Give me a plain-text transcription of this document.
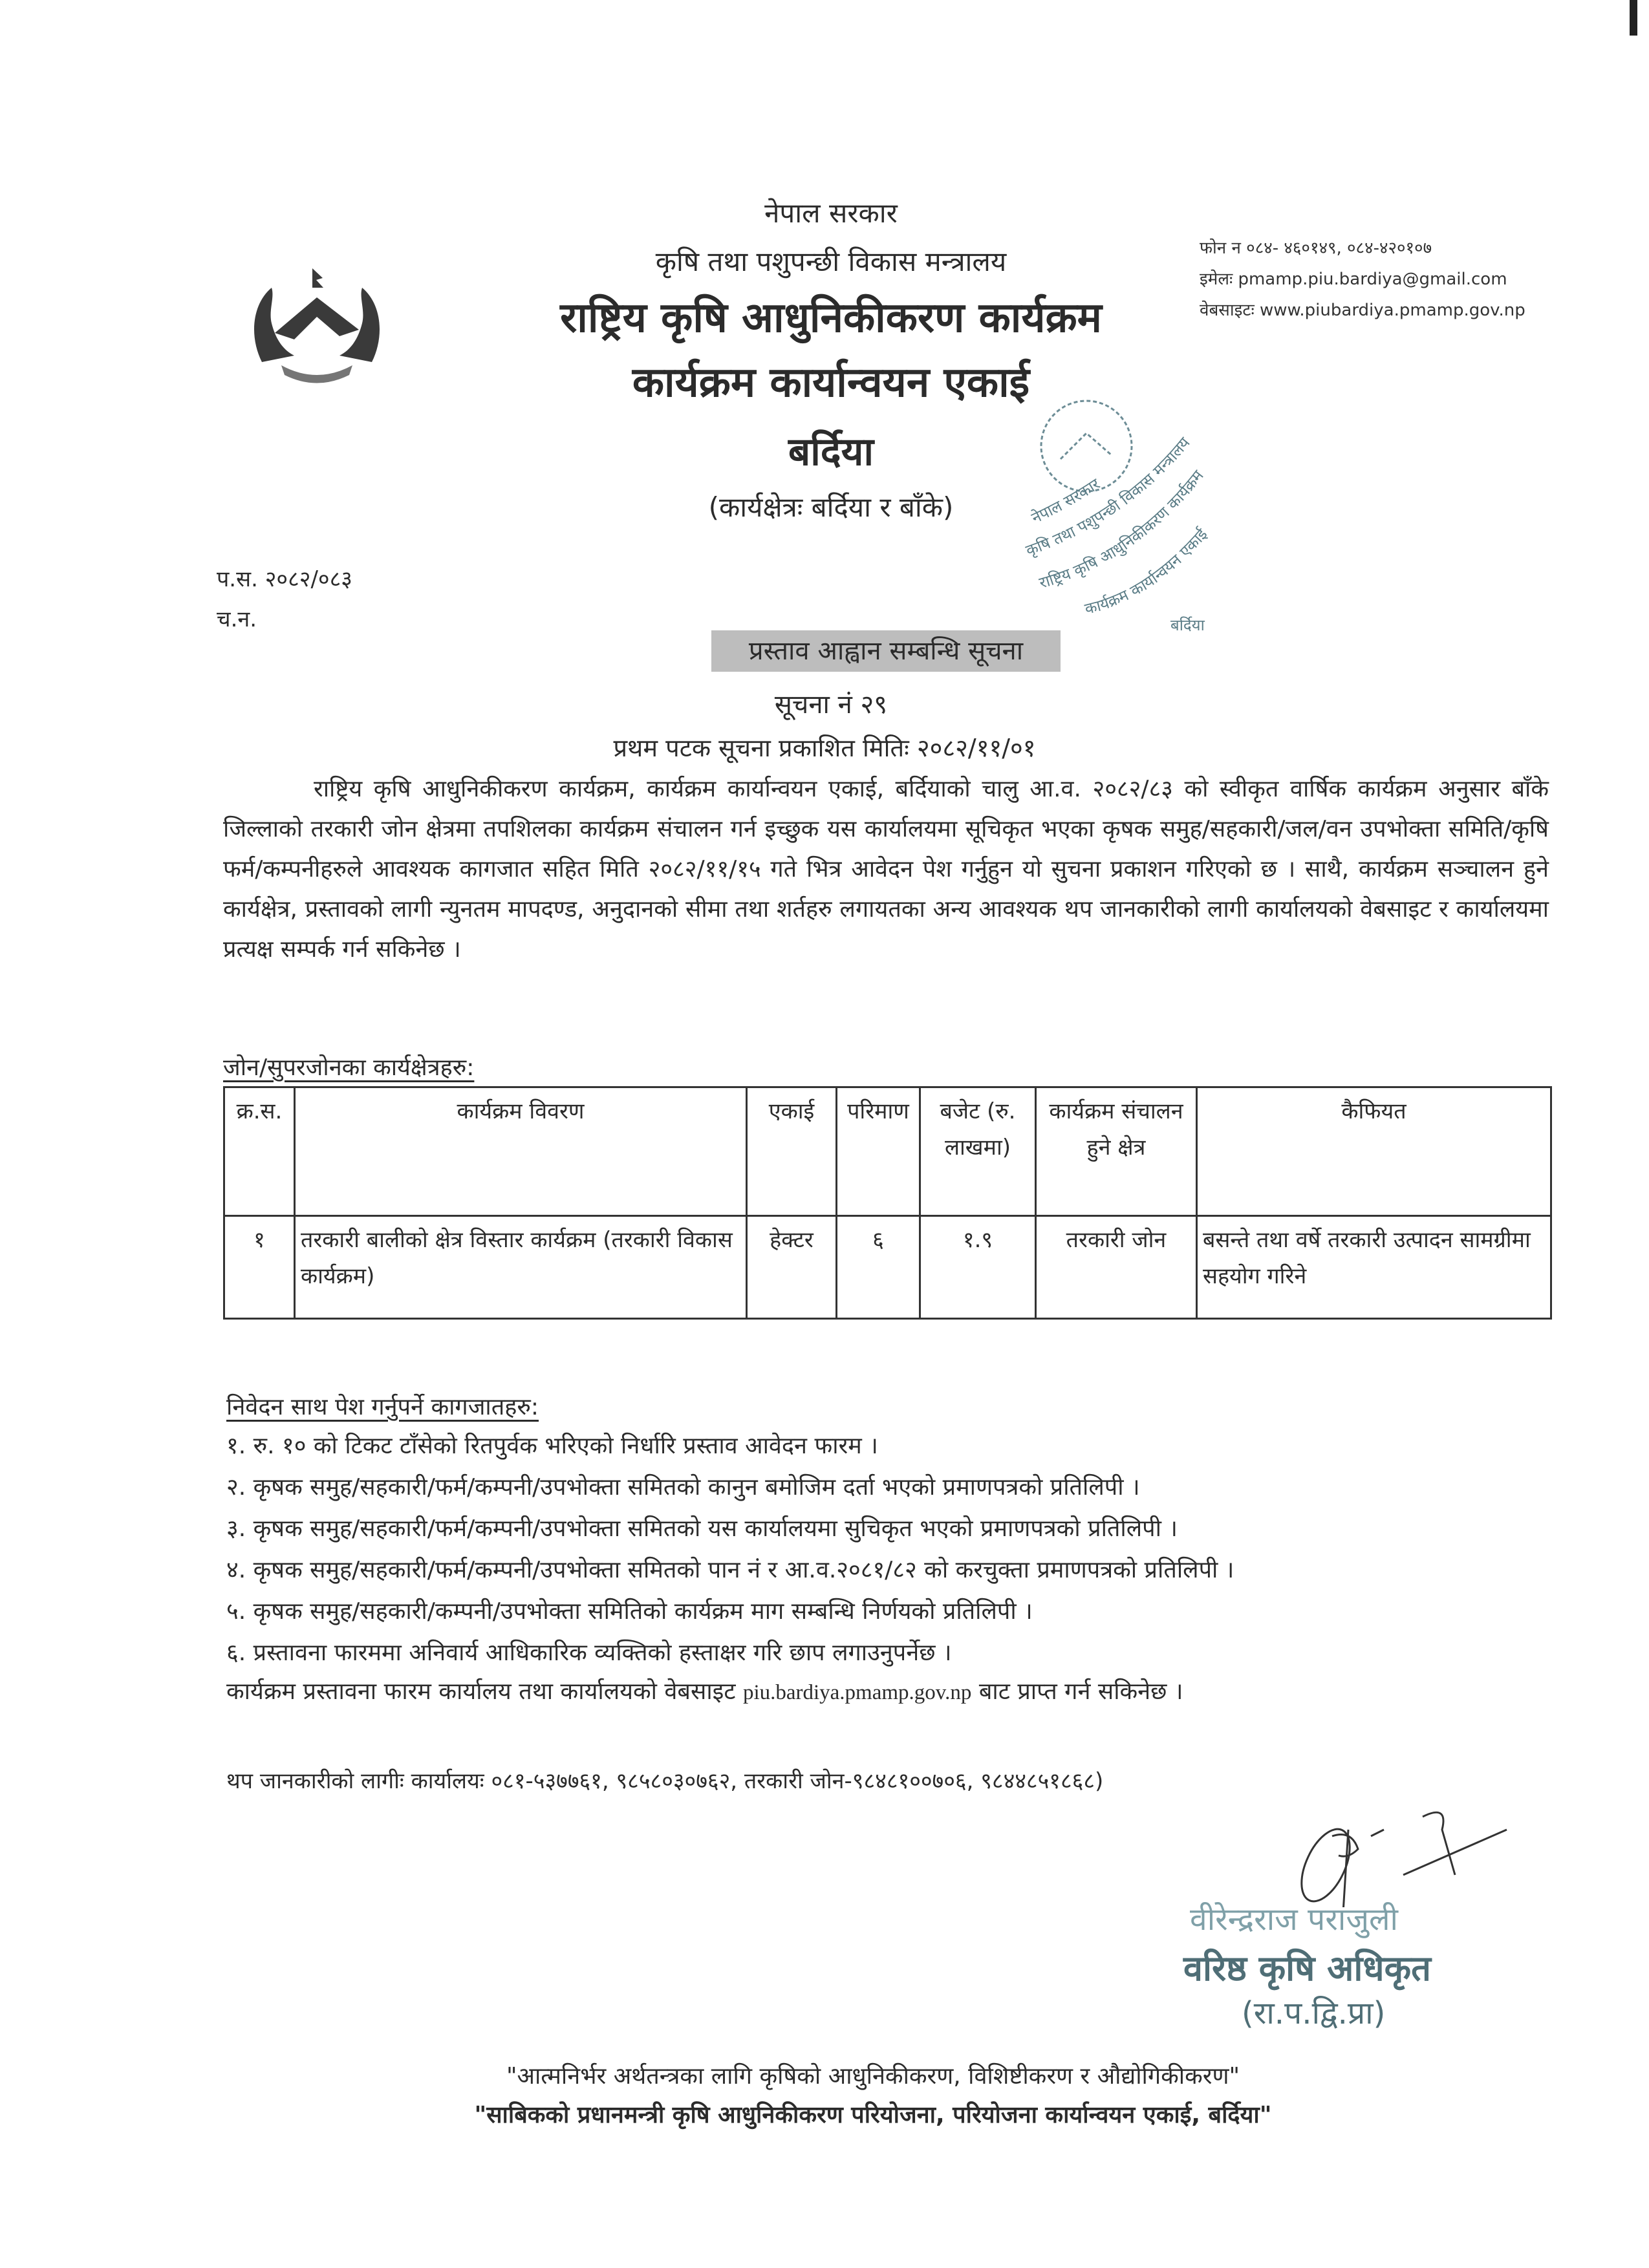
नेपाल सरकार
कृषि तथा पशुपन्छी विकास मन्त्रालय
राष्ट्रिय कृषि आधुनिकीकरण कार्यक्रम
कार्यक्रम कार्यान्वयन एकाई
बर्दिया
(कार्यक्षेत्रः बर्दिया र बाँके)
फोन न ०८४- ४६०१४९, ०८४-४२०१०७
इमेलः pmamp.piu.bardiya@gmail.com
वेबसाइटः www.piubardiya.pmamp.gov.np
प.स. २०८२/०८३
च.न.
नेपाल सरकार
कृषि तथा पशुपन्छी विकास मन्त्रालय
राष्ट्रिय कृषि आधुनिकीकरण कार्यक्रम
कार्यक्रम कार्यान्वयन एकाई
बर्दिया
प्रस्ताव आह्वान सम्बन्धि सूचना
सूचना नं २९
प्रथम पटक सूचना प्रकाशित मितिः २०८२/११/०१
राष्ट्रिय कृषि आधुनिकीकरण कार्यक्रम, कार्यक्रम कार्यान्वयन एकाई, बर्दियाको चालु आ.व. २०८२/८३ को स्वीकृत वार्षिक कार्यक्रम अनुसार बाँके जिल्लाको तरकारी जोन क्षेत्रमा तपशिलका कार्यक्रम संचालन गर्न इच्छुक यस कार्यालयमा सूचिकृत भएका कृषक समुह/सहकारी/जल/वन उपभोक्ता समिति/कृषि फर्म/कम्पनीहरुले आवश्यक कागजात सहित मिति २०८२/११/१५ गते भित्र आवेदन पेश गर्नुहुन यो सुचना प्रकाशन गरिएको छ । साथै, कार्यक्रम सञ्चालन हुने कार्यक्षेत्र, प्रस्तावको लागी न्युनतम मापदण्ड, अनुदानको सीमा तथा शर्तहरु लगायतका अन्य आवश्यक थप जानकारीको लागी कार्यालयको वेबसाइट र कार्यालयमा प्रत्यक्ष सम्पर्क गर्न सकिनेछ ।
जोन/सुपरजोनका कार्यक्षेत्रहरु:
क्र.स.	कार्यक्रम विवरण	एकाई	परिमाण	बजेट (रु. लाखमा)	कार्यक्रम संचालन हुने क्षेत्र	कैफियत
१	तरकारी बालीको क्षेत्र विस्तार कार्यक्रम (तरकारी विकास कार्यक्रम)	हेक्टर	६	१.९	तरकारी जोन	बसन्ते तथा वर्षे तरकारी उत्पादन सामग्रीमा सहयोग गरिने
निवेदन साथ पेश गर्नुपर्ने कागजातहरु:
१. रु. १० को टिकट टाँसेको रितपुर्वक भरिएको निर्धारि प्रस्ताव आवेदन फारम ।
२. कृषक समुह/सहकारी/फर्म/कम्पनी/उपभोक्ता समितको कानुन बमोजिम दर्ता भएको प्रमाणपत्रको प्रतिलिपी ।
३. कृषक समुह/सहकारी/फर्म/कम्पनी/उपभोक्ता समितको यस कार्यालयमा सुचिकृत भएको प्रमाणपत्रको प्रतिलिपी ।
४. कृषक समुह/सहकारी/फर्म/कम्पनी/उपभोक्ता समितको पान नं र आ.व.२०८१/८२ को करचुक्ता प्रमाणपत्रको प्रतिलिपी ।
५. कृषक समुह/सहकारी/कम्पनी/उपभोक्ता समितिको कार्यक्रम माग सम्बन्धि निर्णयको प्रतिलिपी ।
६. प्रस्तावना फारममा अनिवार्य आधिकारिक व्यक्तिको हस्ताक्षर गरि छाप लगाउनुपर्नेछ ।
कार्यक्रम प्रस्तावना फारम कार्यालय तथा कार्यालयको वेबसाइट piu.bardiya.pmamp.gov.np बाट प्राप्त गर्न सकिनेछ ।
थप जानकारीको लागीः कार्यालयः ०८१-५३७७६१, ९८५८०३०७६२, तरकारी जोन-९८४८१००७०६, ९८४४८५१८६८)
वीरेन्द्रराज पराजुली
वरिष्ठ कृषि अधिकृत
(रा.प.द्वि.प्रा)
"आत्मनिर्भर अर्थतन्त्रका लागि कृषिको आधुनिकीकरण, विशिष्टीकरण र औद्योगिकीकरण"
"साबिकको प्रधानमन्त्री कृषि आधुनिकीकरण परियोजना, परियोजना कार्यान्वयन एकाई, बर्दिया"
